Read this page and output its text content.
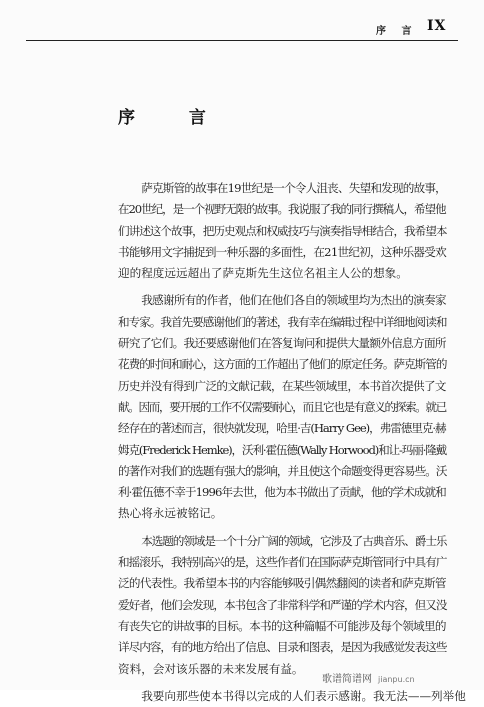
序 言 IX
序 言

萨克斯管的故事在19世纪是一个令人沮丧、失望和发现的故事，
在20世纪，是一个视野无限的故事。我说服了我的同行撰稿人，希望他
们讲述这个故事，把历史观点和权威技巧与演奏指导相结合，我希望本
书能够用文字捕捉到一种乐器的多面性，在21世纪初，这种乐器受欢
迎的程度远远超出了萨克斯先生这位名祖主人公的想象。

我感谢所有的作者，他们在他们各自的领域里均为杰出的演奏家
和专家。我首先要感谢他们的著述，我有幸在编辑过程中详细地阅读和
研究了它们。我还要感谢他们在答复询问和提供大量额外信息方面所
花费的时间和耐心，这方面的工作超出了他们的原定任务。萨克斯管的
历史并没有得到广泛的文献记载，在某些领域里，本书首次提供了文
献。因而，要开展的工作不仅需要耐心，而且它也是有意义的探索。就已
经存在的著述而言，很快就发现，哈里·吉(Harry Gee)，弗雷德里克·赫
姆克(Frederick Hemke)，沃利·霍伍德(Wally Horwood)和让-玛丽·隆戴
的著作对我们的选题有强大的影响，并且使这个命题变得更容易些。沃
利·霍伍德不幸于1996年去世，他为本书做出了贡献，他的学术成就和
热心将永远被铭记。

本选题的领域是一个十分广阔的领域，它涉及了古典音乐、爵士乐
和摇滚乐，我特别高兴的是，这些作者们在国际萨克斯管同行中具有广
泛的代表性。我希望本书的内容能够吸引偶然翻阅的读者和萨克斯管
爱好者，他们会发现，本书包含了非常科学和严谨的学术内容，但又没
有丧失它的讲故事的目标。本书的这种篇幅不可能涉及每个领域里的
详尽内容，有的地方给出了信息、目录和图表，是因为我感觉发表这些
资料，会对该乐器的未来发展有益。

我要向那些使本书得以完成的人们表示感谢。我无法——列举他

歌谱简谱网 jianpu.cn
